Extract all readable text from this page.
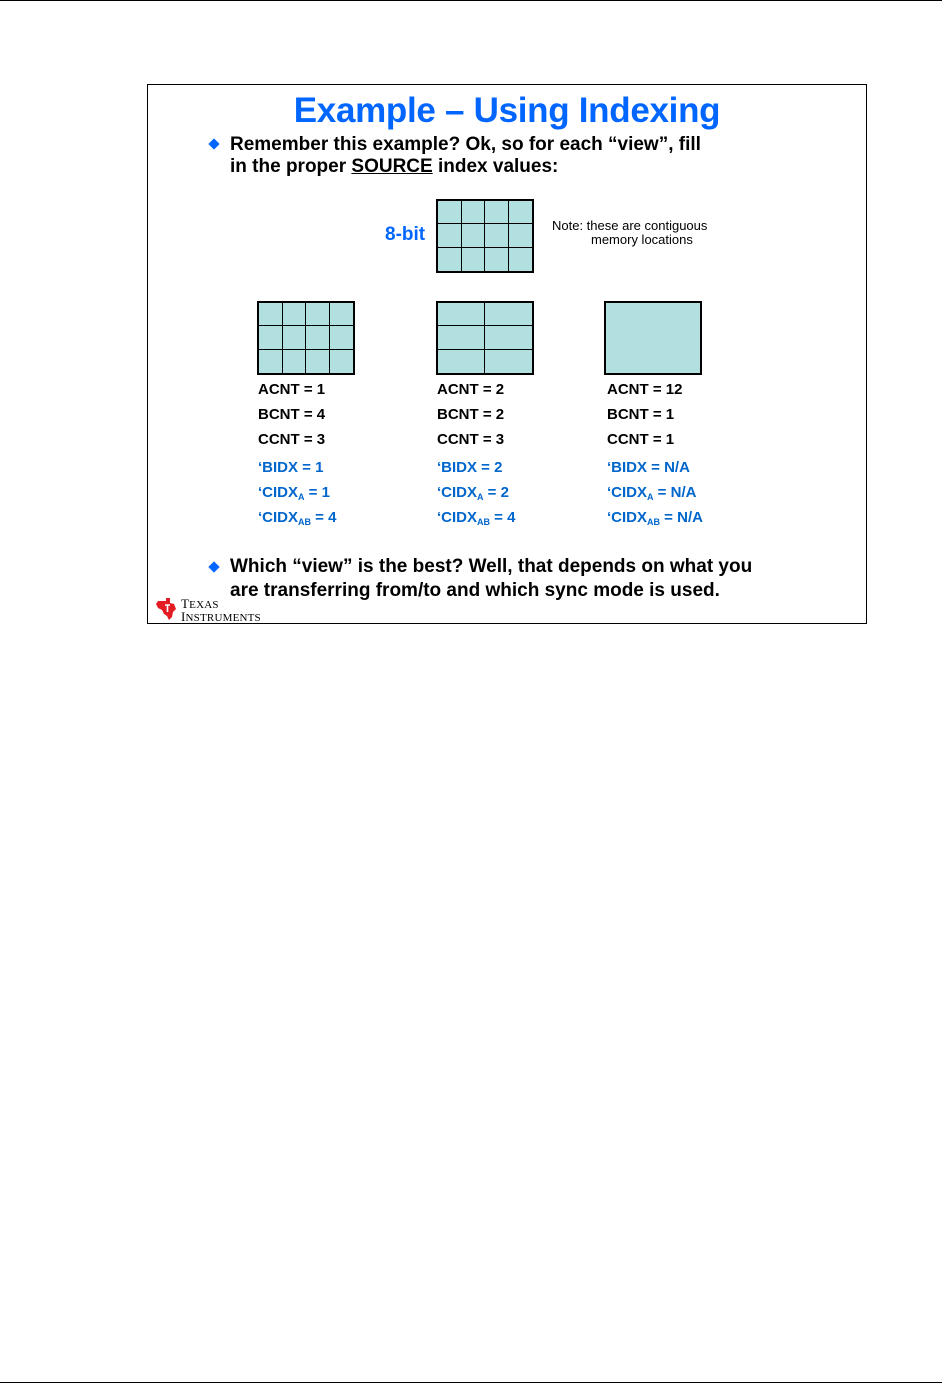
Example – Using Indexing
Remember this example? Ok, so for each “view”, fill
in the proper SOURCE index values:
8-bit	Note: these are contiguous
memory locations
ACNT = 1
BCNT = 4
CCNT = 3
‘BIDX = 1
‘$CIDX_A = 1$
‘$CIDX_{AB} = 4$
ACNT = 2
BCNT = 2
CCNT = 3
‘BIDX = 2
‘$CIDX_A = 2$
‘$CIDX_{AB} = 4$
ACNT = 12
BCNT = 1
CCNT = 1
‘BIDX = N/A
‘$CIDX_A = N/A$
‘$CIDX_{AB} = N/A$
Which “view” is the best? Well, that depends on what you
are transferring from/to and which sync mode is used.
TEXAS
INSTRUMENTS
